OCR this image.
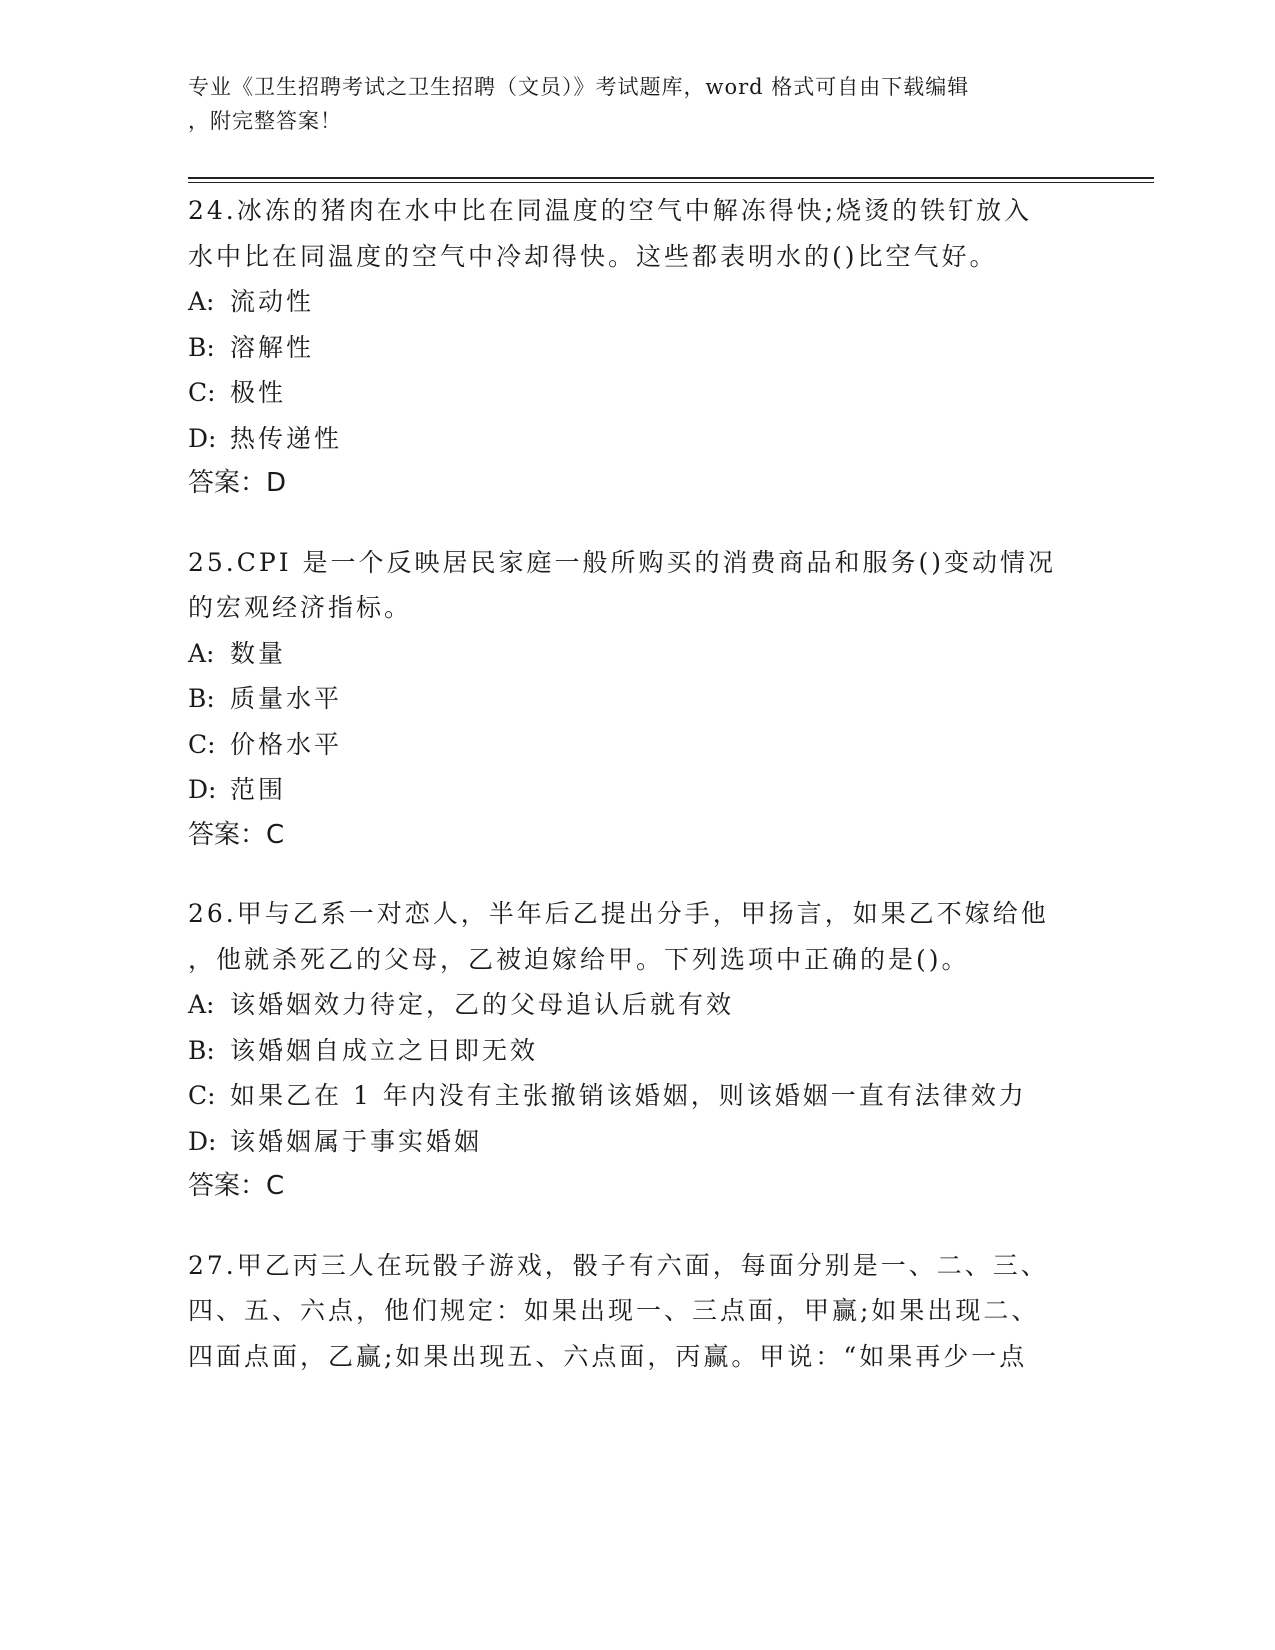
专业《卫生招聘考试之卫生招聘（文员）》考试题库，word 格式可自由下载编辑
，附完整答案！
24.冰冻的猪肉在水中比在同温度的空气中解冻得快;烧烫的铁钉放入
水中比在同温度的空气中冷却得快。这些都表明水的()比空气好。
A: 流动性
B: 溶解性
C: 极性
D: 热传递性
答案：D
25.CPI 是一个反映居民家庭一般所购买的消费商品和服务()变动情况
的宏观经济指标。
A: 数量
B: 质量水平
C: 价格水平
D: 范围
答案：C
26.甲与乙系一对恋人，半年后乙提出分手，甲扬言，如果乙不嫁给他
，他就杀死乙的父母，乙被迫嫁给甲。下列选项中正确的是()。
A: 该婚姻效力待定，乙的父母追认后就有效
B: 该婚姻自成立之日即无效
C: 如果乙在 1 年内没有主张撤销该婚姻，则该婚姻一直有法律效力
D: 该婚姻属于事实婚姻
答案：C
27.甲乙丙三人在玩骰子游戏，骰子有六面，每面分别是一、二、三、
四、五、六点，他们规定：如果出现一、三点面，甲赢;如果出现二、
四面点面，乙赢;如果出现五、六点面，丙赢。甲说：“如果再少一点
